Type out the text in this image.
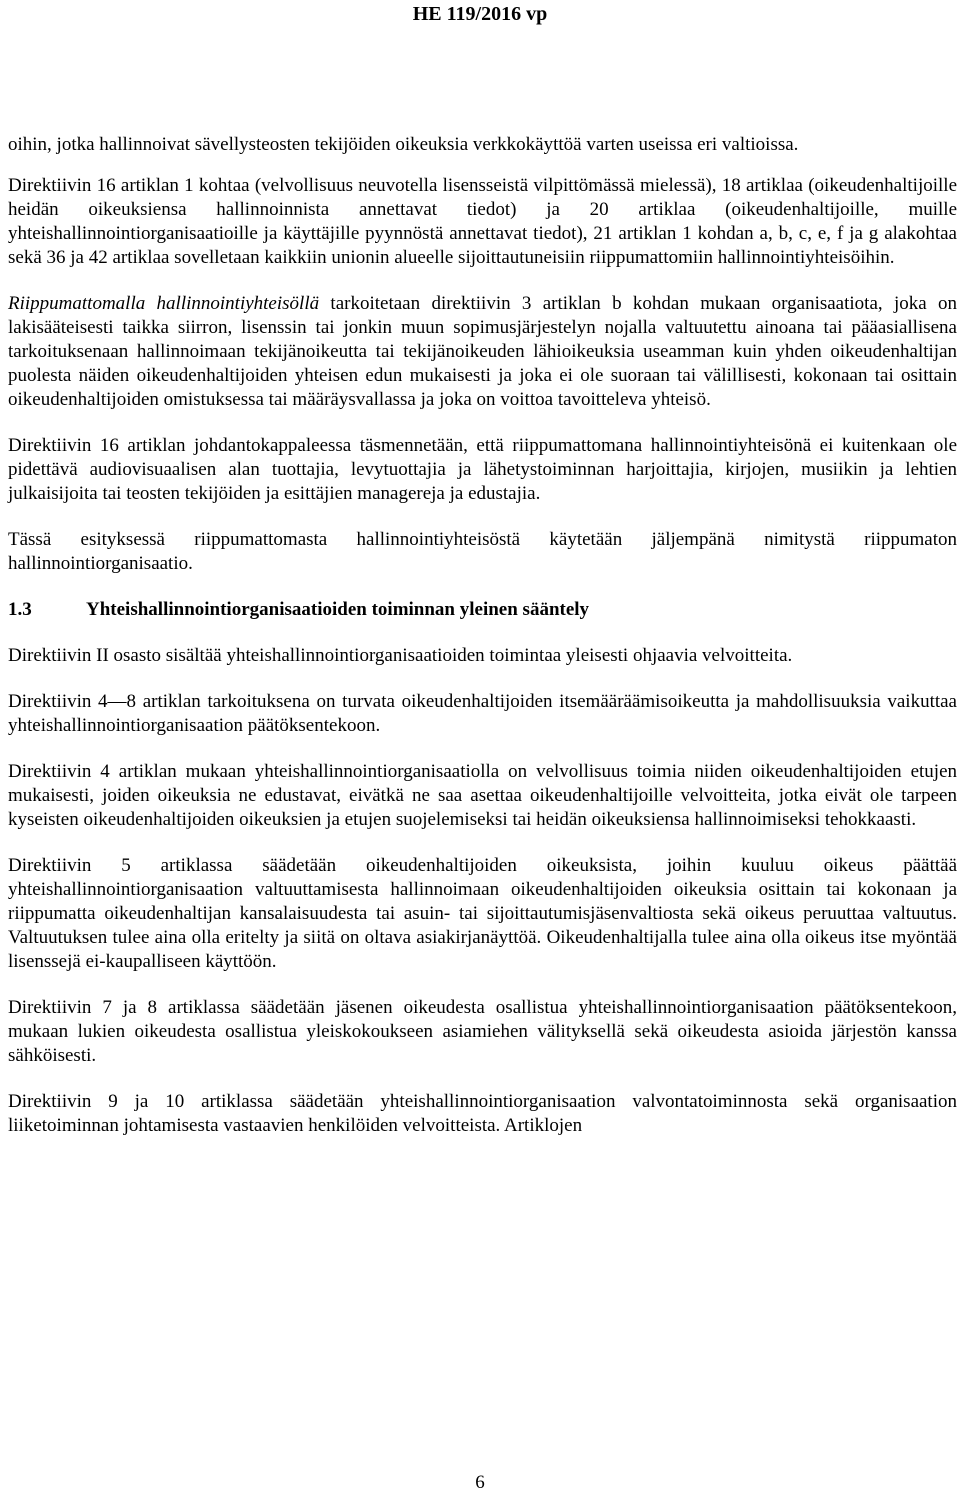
HE 119/2016 vp

oihin, jotka hallinnoivat sävellysteosten tekijöiden oikeuksia verkkokäyttöä varten useissa eri valtioissa.

Direktiivin 16 artiklan 1 kohtaa (velvollisuus neuvotella lisensseistä vilpittömässä mielessä), 18 artiklaa (oikeudenhaltijoille heidän oikeuksiensa hallinnoinnista annettavat tiedot) ja 20 artiklaa (oikeudenhaltijoille, muille yhteishallinnointiorganisaatioille ja käyttäjille pyynnöstä annettavat tiedot), 21 artiklan 1 kohdan a, b, c, e, f ja g alakohtaa sekä 36 ja 42 artiklaa sovelletaan kaikkiin unionin alueelle sijoittautuneisiin riippumattomiin hallinnointiyhteisöihin.

Riippumattomalla hallinnointiyhteisöllä tarkoitetaan direktiivin 3 artiklan b kohdan mukaan organisaatiota, joka on lakisääteisesti taikka siirron, lisenssin tai jonkin muun sopimusjärjestelyn nojalla valtuutettu ainoana tai pääasiallisena tarkoituksenaan hallinnoimaan tekijänoikeutta tai tekijänoikeuden lähioikeuksia useamman kuin yhden oikeudenhaltijan puolesta näiden oikeudenhaltijoiden yhteisen edun mukaisesti ja joka ei ole suoraan tai välillisesti, kokonaan tai osittain oikeudenhaltijoiden omistuksessa tai määräysvallassa ja joka on voittoa tavoitteleva yhteisö.

Direktiivin 16 artiklan johdantokappaleessa täsmennetään, että riippumattomana hallinnointiyhteisönä ei kuitenkaan ole pidettävä audiovisuaalisen alan tuottajia, levytuottajia ja lähetystoiminnan harjoittajia, kirjojen, musiikin ja lehtien julkaisijoita tai teosten tekijöiden ja esittäjien managereja ja edustajia.

Tässä esityksessä riippumattomasta hallinnointiyhteisöstä käytetään jäljempänä nimitystä riippumaton hallinnointiorganisaatio.

1.3	Yhteishallinnointiorganisaatioiden toiminnan yleinen sääntely

Direktiivin II osasto sisältää yhteishallinnointiorganisaatioiden toimintaa yleisesti ohjaavia velvoitteita.

Direktiivin 4—8 artiklan tarkoituksena on turvata oikeudenhaltijoiden itsemääräämisoikeutta ja mahdollisuuksia vaikuttaa yhteishallinnointiorganisaation päätöksentekoon.

Direktiivin 4 artiklan mukaan yhteishallinnointiorganisaatiolla on velvollisuus toimia niiden oikeudenhaltijoiden etujen mukaisesti, joiden oikeuksia ne edustavat, eivätkä ne saa asettaa oikeudenhaltijoille velvoitteita, jotka eivät ole tarpeen kyseisten oikeudenhaltijoiden oikeuksien ja etujen suojelemiseksi tai heidän oikeuksiensa hallinnoimiseksi tehokkaasti.

Direktiivin 5 artiklassa säädetään oikeudenhaltijoiden oikeuksista, joihin kuuluu oikeus päättää yhteishallinnointiorganisaation valtuuttamisesta hallinnoimaan oikeudenhaltijoiden oikeuksia osittain tai kokonaan ja riippumatta oikeudenhaltijan kansalaisuudesta tai asuin- tai sijoittautumisjäsenvaltiosta sekä oikeus peruuttaa valtuutus. Valtuutuksen tulee aina olla eritelty ja siitä on oltava asiakirjanäyttöä. Oikeudenhaltijalla tulee aina olla oikeus itse myöntää lisenssejä ei-kaupalliseen käyttöön.

Direktiivin 7 ja 8 artiklassa säädetään jäsenen oikeudesta osallistua yhteishallinnointiorganisaation päätöksentekoon, mukaan lukien oikeudesta osallistua yleiskokoukseen asiamiehen välityksellä sekä oikeudesta asioida järjestön kanssa sähköisesti.

Direktiivin 9 ja 10 artiklassa säädetään yhteishallinnointiorganisaation valvontatoiminnosta sekä organisaation liiketoiminnan johtamisesta vastaavien henkilöiden velvoitteista. Artiklojen

6
